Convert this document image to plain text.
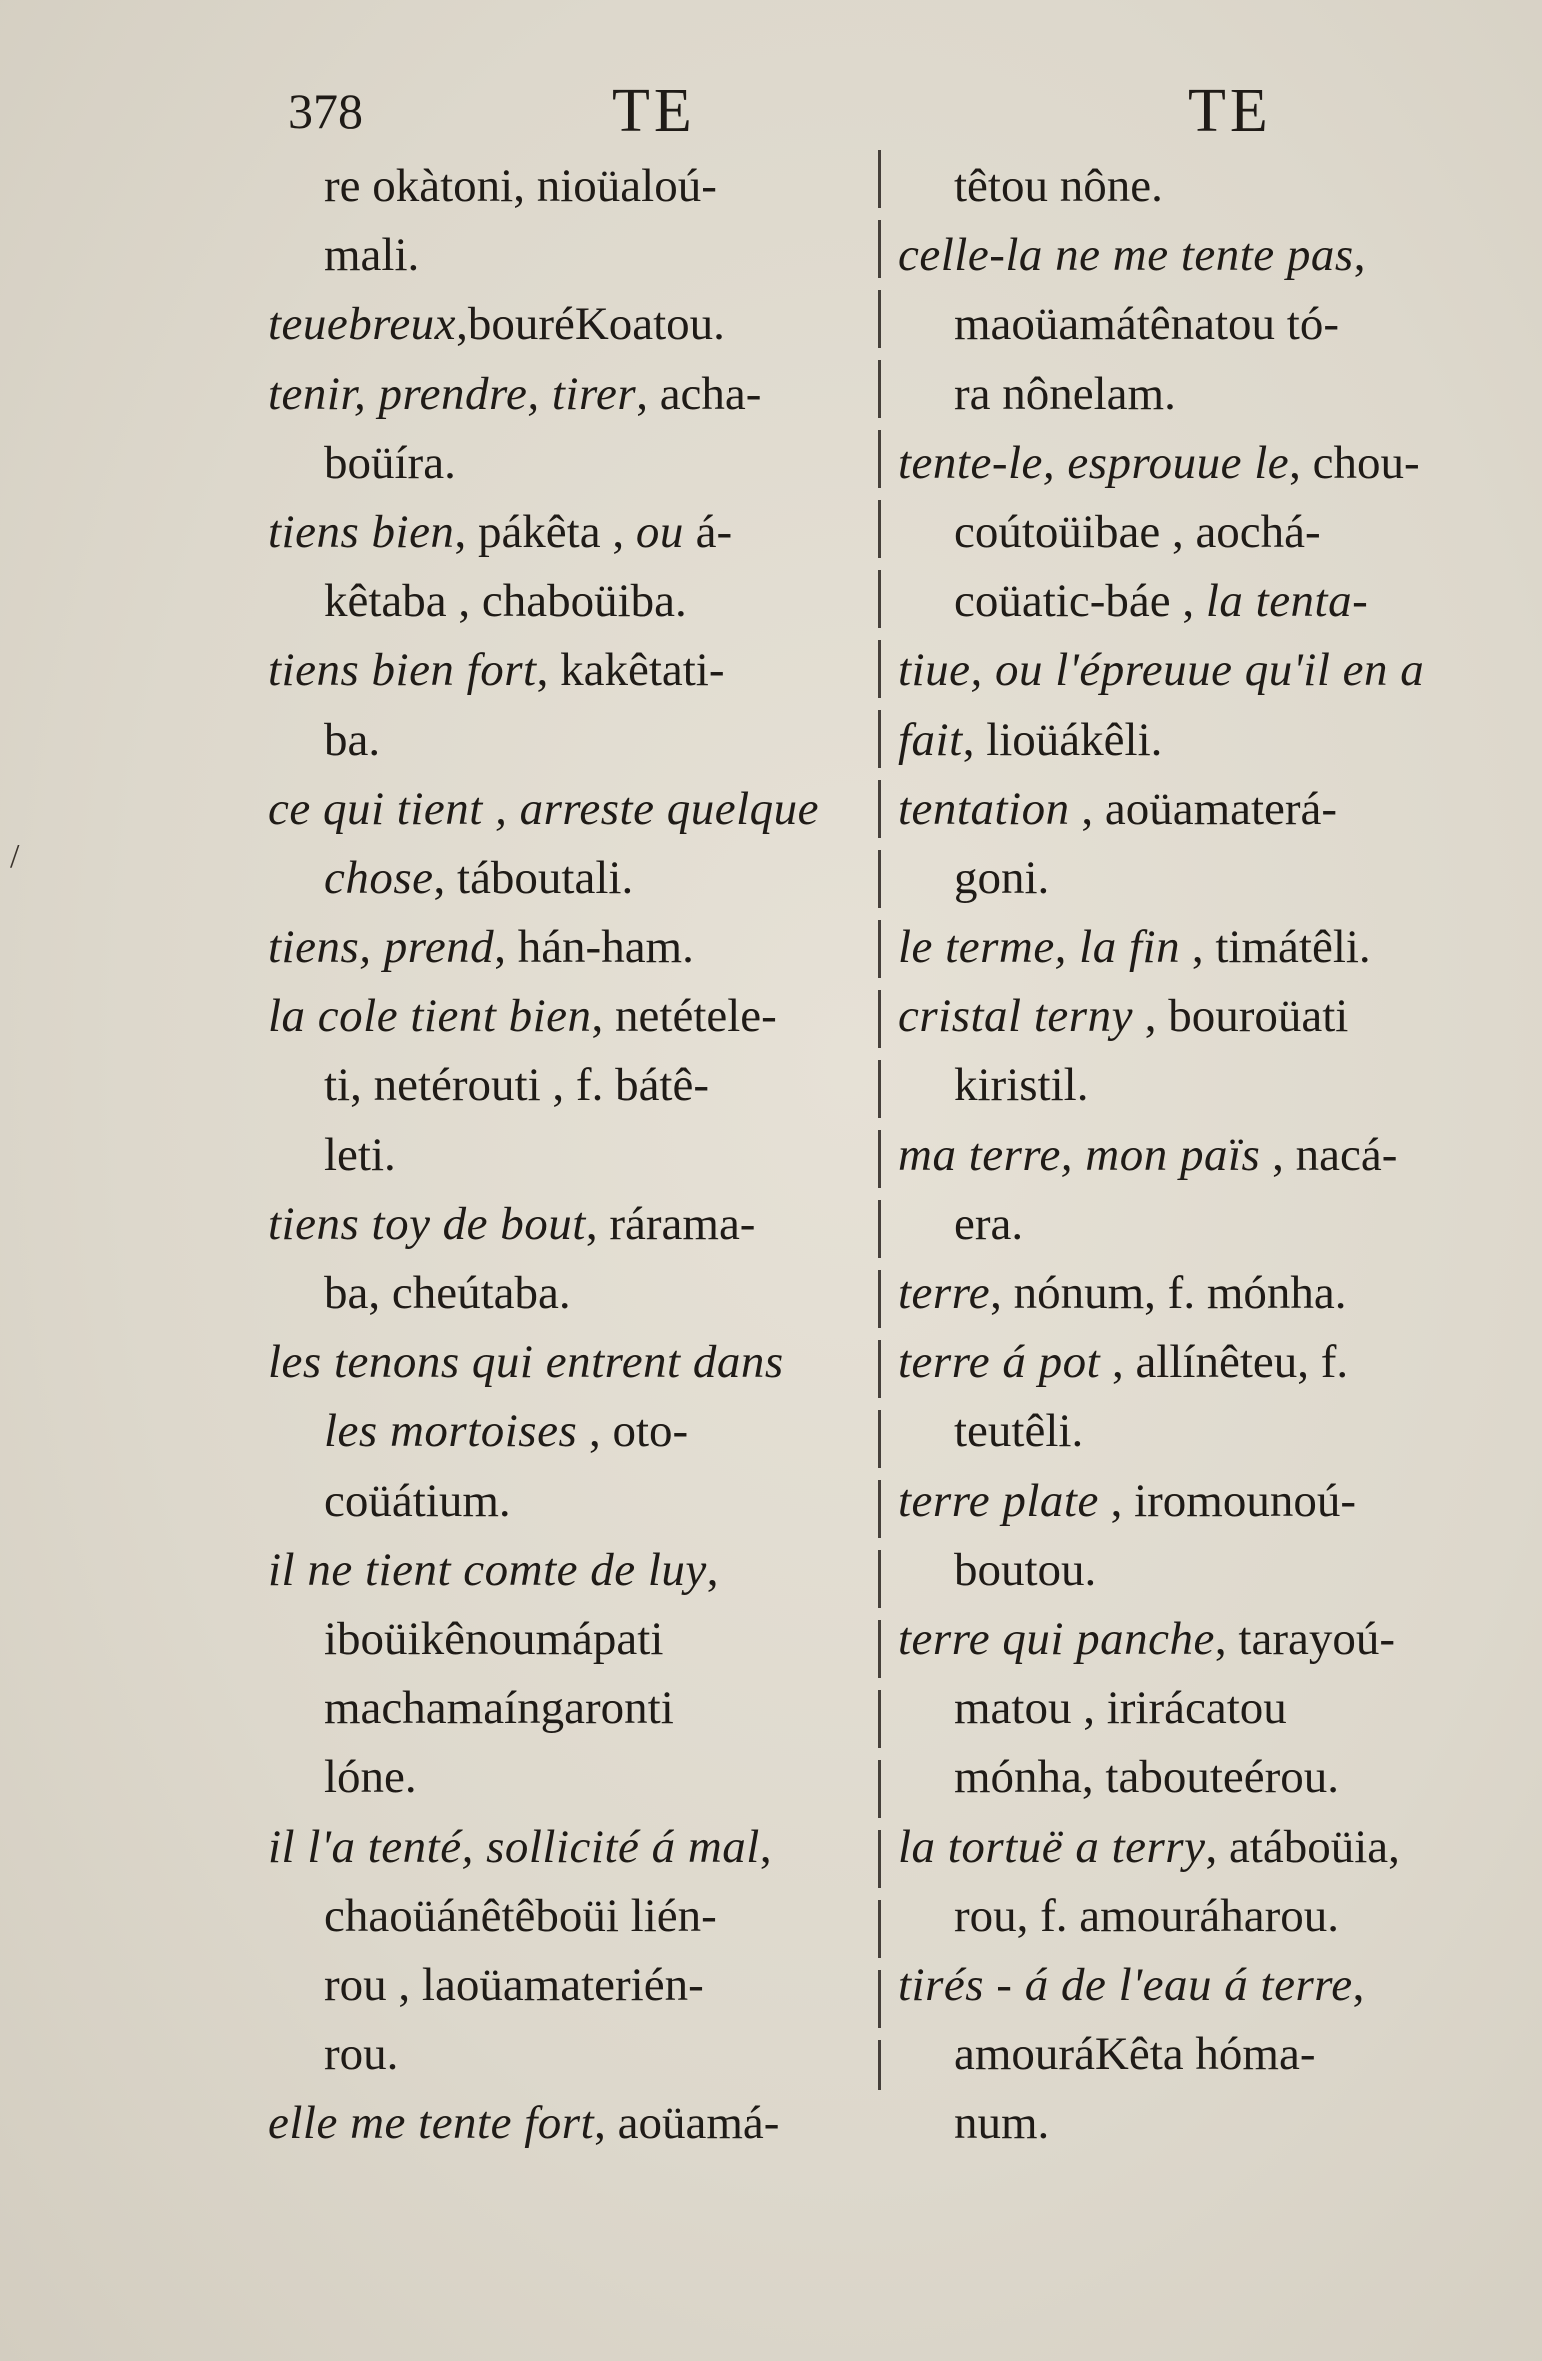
378	TE	TE
/
re okàtoni, nioüaloú-
mali.
teuebreux,bouréKoatou.
tenir, prendre, tirer, acha-
boüíra.
tiens bien, pákêta , ou á-
kêtaba , chaboüiba.
tiens bien fort, kakêtati-
ba.
ce qui tient , arreste quelque
chose, táboutali.
tiens, prend, hán-ham.
la cole tient bien, netétele-
ti, netérouti , f. bátê-
leti.
tiens toy de bout, rárama-
ba, cheútaba.
les tenons qui entrent dans
les mortoises , oto-
coüátium.
il ne tient comte de luy,
iboüikênoumápati
machamaíngaronti
lóne.
il l'a tenté, sollicité á mal,
chaoüánêtêboüi lién-
rou , laoüamaterién-
rou.
elle me tente fort, aoüamá-
têtou nône.
celle-la ne me tente pas,
maoüamátênatou tó-
ra nônelam.
tente-le, esprouue le, chou-
coútoüibae , aochá-
coüatic-báe , la tenta-
tiue, ou l'épreuue qu'il en a
fait, lioüákêli.
tentation , aoüamaterá-
goni.
le terme, la fin , timátêli.
cristal terny , bouroüati
kiristil.
ma terre, mon païs , nacá-
era.
terre, nónum, f. mónha.
terre á pot , allínêteu, f.
teutêli.
terre plate , iromounoú-
boutou.
terre qui panche, tarayoú-
matou , irirácatou
mónha, tabouteérou.
la tortuë a terry, atáboüia,
rou, f. amouráharou.
tirés - á de l'eau á terre,
amouráKêta hóma-
num.
